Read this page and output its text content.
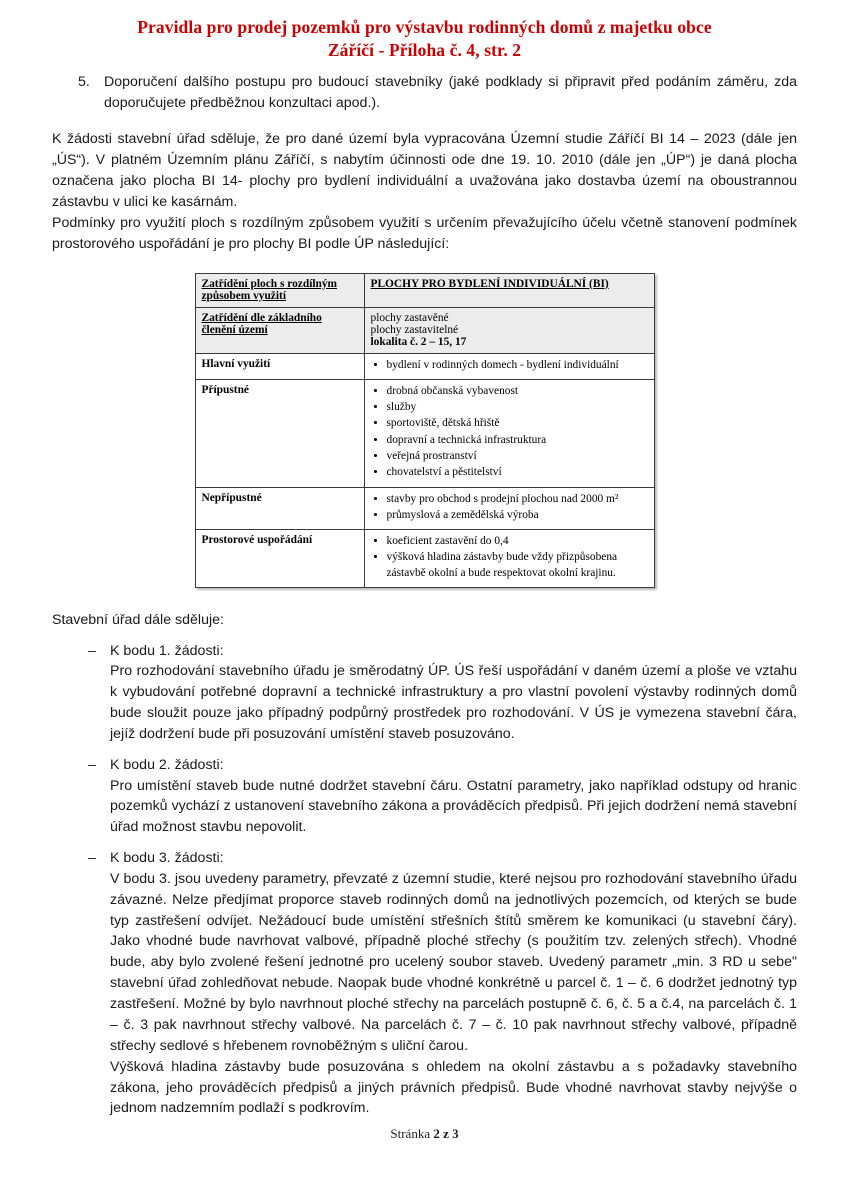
Pravidla pro prodej pozemků pro výstavbu rodinných domů z majetku obce
Záříčí - Příloha č. 4, str. 2
5. Doporučení dalšího postupu pro budoucí stavebníky (jaké podklady si připravit před podáním záměru, zda doporučujete předběžnou konzultaci apod.).
K žádosti stavební úřad sděluje, že pro dané území byla vypracována Územní studie Záříčí BI 14 – 2023 (dále jen „ÚS“). V platném Územním plánu Záříčí, s nabytím účinnosti ode dne 19. 10. 2010 (dále jen „ÚP“) je daná plocha označena jako plocha BI 14- plochy pro bydlení individuální a uvažována jako dostavba území na oboustrannou zástavbu v ulici ke kasárnám.
Podmínky pro využití ploch s rozdílným způsobem využití s určením převažujícího účelu včetně stanovení podmínek prostorového uspořádání je pro plochy BI podle ÚP následující:
Zatřídění ploch s rozdílným způsobem využití	PLOCHY PRO BYDLENÍ INDIVIDUÁLNÍ (BI)
Zatřídění dle základního členění území	plochy zastavěné
plochy zastavitelné
lokalita č. 2 – 15, 17

Hlavní využití	
•bydlení v rodinných domech - bydlení individuální

Přípustné	
•drobná občanská vybavenost
• služby
• sportoviště, dětská hřiště
• dopravní a technická infrastruktura
• veřejná prostranství
• chovatelství a pěstitelství

Nepřípustné	
•stavby pro obchod s prodejní plochou nad 2000 m²
• průmyslová a zemědělská výroba

Prostorové uspořádání	
•koeficient zastavění do 0,4
• výšková hladina zástavby bude vždy přizpůsobena zástavbě okolní a bude respektovat okolní krajinu.
Stavební úřad dále sděluje:
– K bodu 1. žádosti:
Pro rozhodování stavebního úřadu je směrodatný ÚP. ÚS řeší uspořádání v daném území a ploše ve vztahu k vybudování potřebné dopravní a technické infrastruktury a pro vlastní povolení výstavby rodinných domů bude sloužit pouze jako případný podpůrný prostředek pro rozhodování. V ÚS je vymezena stavební čára, jejíž dodržení bude při posuzování umístění staveb posuzováno.
– K bodu 2. žádosti:
Pro umístění staveb bude nutné dodržet stavební čáru. Ostatní parametry, jako například odstupy od hranic pozemků vychází z ustanovení stavebního zákona a prováděcích předpisů. Při jejich dodržení nemá stavební úřad možnost stavbu nepovolit.
– K bodu 3. žádosti:
V bodu 3. jsou uvedeny parametry, převzaté z územní studie, které nejsou pro rozhodování stavebního úřadu závazné. Nelze předjímat proporce staveb rodinných domů na jednotlivých pozemcích, od kterých se bude typ zastřešení odvíjet. Nežádoucí bude umístění střešních štítů směrem ke komunikaci (u stavební čáry). Jako vhodné bude navrhovat valbové, případně ploché střechy (s použitím tzv. zelených střech). Vhodné bude, aby bylo zvolené řešení jednotné pro ucelený soubor staveb. Uvedený parametr „min. 3 RD u sebe" stavební úřad zohledňovat nebude. Naopak bude vhodné konkrétně u parcel č. 1 – č. 6 dodržet jednotný typ zastřešení. Možné by bylo navrhnout ploché střechy na parcelách postupně č. 6, č. 5 a č.4, na parcelách č. 1 – č. 3 pak navrhnout střechy valbové. Na parcelách č. 7 – č. 10 pak navrhnout střechy valbové, případně střechy sedlové s hřebenem rovnoběžným s uliční čarou.
Výšková hladina zástavby bude posuzována s ohledem na okolní zástavbu a s požadavky stavebního zákona, jeho prováděcích předpisů a jiných právních předpisů. Bude vhodné navrhovat stavby nejvýše o jednom nadzemním podlaží s podkrovím.
Stránka 2 z 3
